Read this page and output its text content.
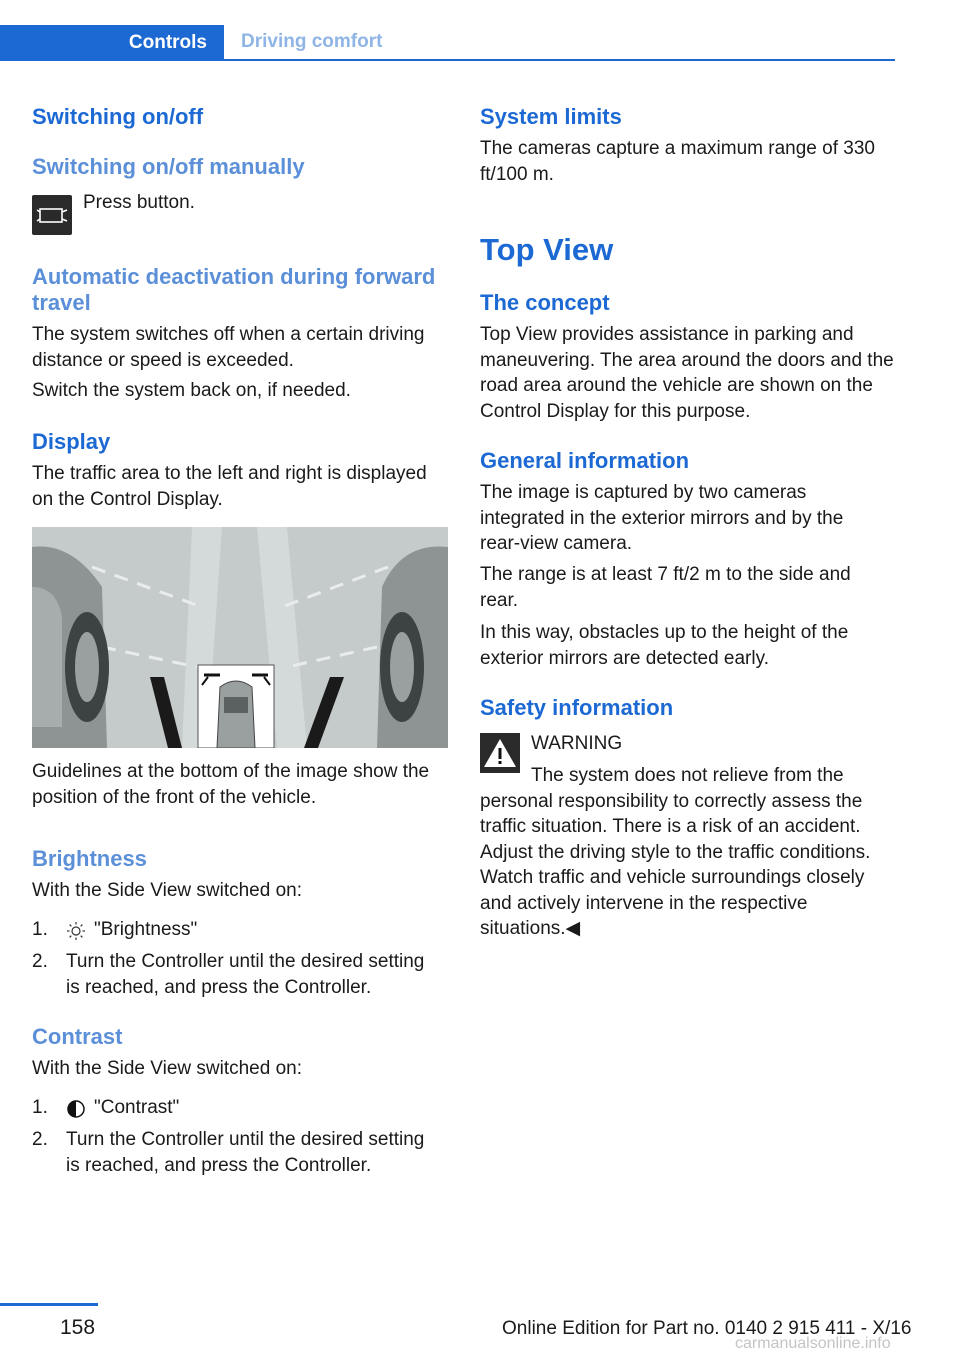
Controls	Driving comfort
Switching on/off
Switching on/off manually
Press button.
Automatic deactivation during forward travel
The system switches off when a certain driving distance or speed is exceeded.
Switch the system back on, if needed.
Display
The traffic area to the left and right is displayed on the Control Display.
Guidelines at the bottom of the image show the position of the front of the vehicle.
Brightness
With the Side View switched on:
1. "Brightness"
2. Turn the Controller until the desired setting is reached, and press the Controller.
Contrast
With the Side View switched on:
1. "Contrast"
2. Turn the Controller until the desired setting is reached, and press the Controller.
System limits
The cameras capture a maximum range of 330 ft/100 m.
Top View
The concept
Top View provides assistance in parking and maneuvering. The area around the doors and the road area around the vehicle are shown on the Control Display for this purpose.
General information
The image is captured by two cameras integrated in the exterior mirrors and by the rear-view camera.
The range is at least 7 ft/2 m to the side and rear.
In this way, obstacles up to the height of the exterior mirrors are detected early.
Safety information
WARNING
The system does not relieve from the personal responsibility to correctly assess the traffic situation. There is a risk of an accident. Adjust the driving style to the traffic conditions. Watch traffic and vehicle surroundings closely and actively intervene in the respective situations.◀
158	Online Edition for Part no. 0140 2 915 411 - X/16
carmanualsonline.info
